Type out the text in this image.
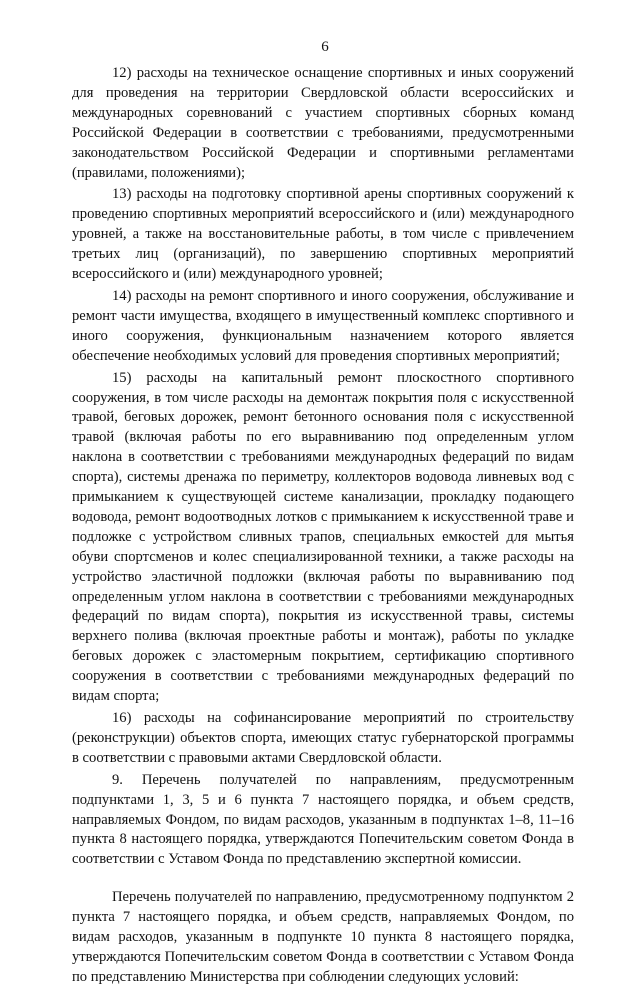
6

12) расходы на техническое оснащение спортивных и иных сооружений для проведения на территории Свердловской области всероссийских и международных соревнований с участием спортивных сборных команд Российской Федерации в соответствии с требованиями, предусмотренными законодательством Российской Федерации и спортивными регламентами (правилами, положениями);

13) расходы на подготовку спортивной арены спортивных сооружений к проведению спортивных мероприятий всероссийского и (или) международного уровней, а также на восстановительные работы, в том числе с привлечением третьих лиц (организаций), по завершению спортивных мероприятий всероссийского и (или) международного уровней;

14) расходы на ремонт спортивного и иного сооружения, обслуживание и ремонт части имущества, входящего в имущественный комплекс спортивного и иного сооружения, функциональным назначением которого является обеспечение необходимых условий для проведения спортивных мероприятий;

15) расходы на капитальный ремонт плоскостного спортивного сооружения, в том числе расходы на демонтаж покрытия поля с искусственной травой, беговых дорожек, ремонт бетонного основания поля с искусственной травой (включая работы по его выравниванию под определенным углом наклона в соответствии с требованиями международных федераций по видам спорта), системы дренажа по периметру, коллекторов водовода ливневых вод с примыканием к существующей системе канализации, прокладку подающего водовода, ремонт водоотводных лотков с примыканием к искусственной траве и подложке с устройством сливных трапов, специальных емкостей для мытья обуви спортсменов и колес специализированной техники, а также расходы на устройство эластичной подложки (включая работы по выравниванию под определенным углом наклона в соответствии с требованиями международных федераций по видам спорта), покрытия из искусственной травы, системы верхнего полива (включая проектные работы и монтаж), работы по укладке беговых дорожек с эластомерным покрытием, сертификацию спортивного сооружения в соответствии с требованиями международных федераций по видам спорта;

16) расходы на софинансирование мероприятий по строительству (реконструкции) объектов спорта, имеющих статус губернаторской программы в соответствии с правовыми актами Свердловской области.

9. Перечень получателей по направлениям, предусмотренным подпунктами 1, 3, 5 и 6 пункта 7 настоящего порядка, и объем средств, направляемых Фондом, по видам расходов, указанным в подпунктах 1–8, 11–16 пункта 8 настоящего порядка, утверждаются Попечительским советом Фонда в соответствии с Уставом Фонда по представлению экспертной комиссии.

Перечень получателей по направлению, предусмотренному подпунктом 2 пункта 7 настоящего порядка, и объем средств, направляемых Фондом, по видам расходов, указанным в подпункте 10 пункта 8 настоящего порядка, утверждаются Попечительским советом Фонда в соответствии с Уставом Фонда по представлению Министерства при соблюдении следующих условий:
